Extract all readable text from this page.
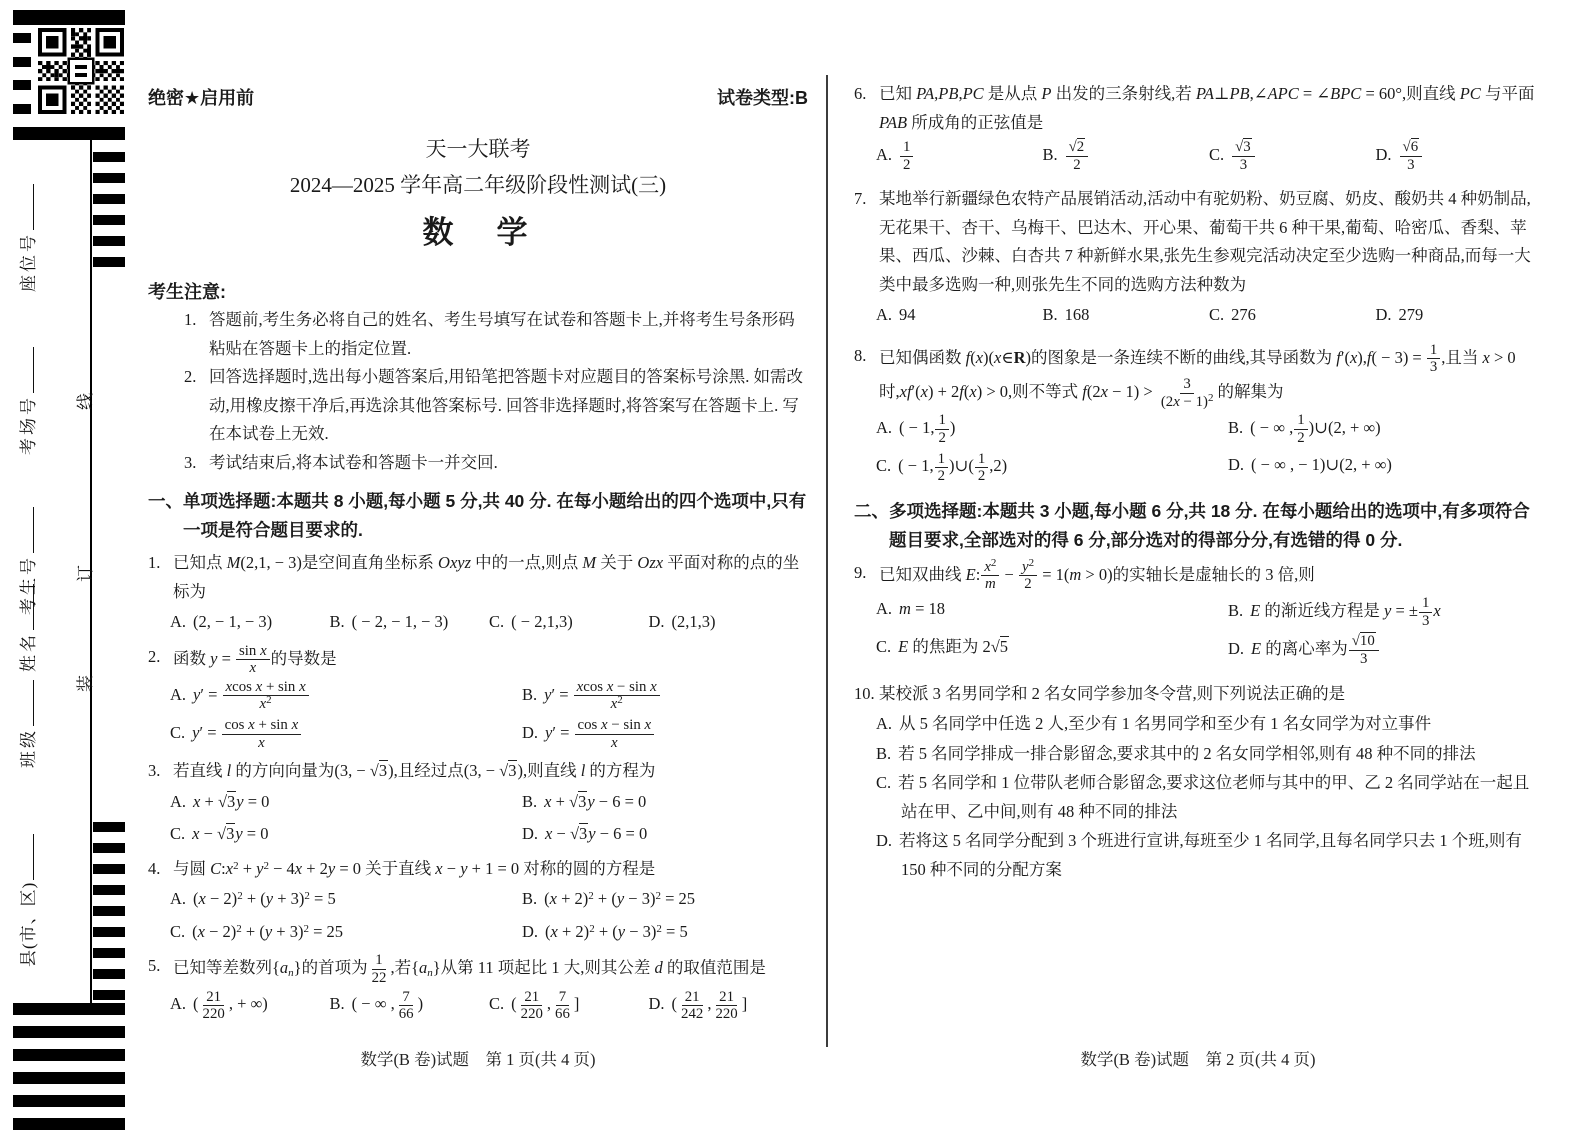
座位号
考场号
考生号
姓名
班级
县(市、区)
线
订
装
绝密★启用前	试卷类型:B
天一大联考
2024—2025 学年高二年级阶段性测试(三)
数　学
考生注意:
1. 答题前,考生务必将自己的姓名、考生号填写在试卷和答题卡上,并将考生号条形码粘贴在答题卡上的指定位置.
2. 回答选择题时,选出每小题答案后,用铅笔把答题卡对应题目的答案标号涂黑. 如需改动,用橡皮擦干净后,再选涂其他答案标号. 回答非选择题时,将答案写在答题卡上. 写在本试卷上无效.
3. 考试结束后,将本试卷和答题卡一并交回.
一、 单项选择题:本题共 8 小题,每小题 5 分,共 40 分. 在每小题给出的四个选项中,只有一项是符合题目要求的.
1. 已知点 M(2,1, − 3)是空间直角坐标系 Oxyz 中的一点,则点 M 关于 Ozx 平面对称的点的坐标为
A. (2, − 1, − 3)	B. ( − 2, − 1, − 3)	C. ( − 2,1,3)	D. (2,1,3)
2. 函数 $y = \frac{\text{sin x}}{x}$ 的导数是
A. $y' = \frac{\text{xcos x + sin x}}{x^2}$	B. $y' = \frac{\text{xcos x − sin x}}{x^2}$
C. $y' = \frac{\text{cos x + sin x}}{x}$	D. $y' = \frac{\text{cos x − sin x}}{x}$
3. 若直线 l 的方向向量为(3, − √3),且经过点(3, − √3),则直线 l 的方程为
A. x + √3y = 0	B. x + √3y − 6 = 0
C. x − √3y = 0	D. x − √3y − 6 = 0
4. 与圆 $C:x^2 + y^2 - 4x + 2y = 0$ 关于直线 x − y + 1 = 0 对称的圆的方程是
A. $(x - 2)^2 + (y + 3)^2 = 5$	B. $(x + 2)^2 + (y - 3)^2 = 25$
C. $(x - 2)^2 + (y + 3)^2 = 25$	D. $(x + 2)^2 + (y - 3)^2 = 5$
5. 已知等差数列$\{a_n\}$的首项为 $\frac{1}{22}$ ,若$\{a_n\}$从第 11 项起比 1 大,则其公差 d 的取值范围是
A. ( $\frac{21}{220}$ , + ∞)	B. ( − ∞ , $\frac{7}{66}$ )	C. ( $\frac{21}{220}$ , $\frac{7}{66}$ ]	D. ( $\frac{21}{242}$ , $\frac{21}{220}$ ]
6. 已知 PA,PB,PC 是从点 P 出发的三条射线,若 PA⊥PB,∠APC = ∠BPC = 60°,则直线 PC 与平面 PAB 所成角的正弦值是
A. $\frac{1}{2}$	B. $\frac{√2}{2}$	C. $\frac{√3}{3}$	D. $\frac{√6}{3}$
7. 某地举行新疆绿色农特产品展销活动,活动中有驼奶粉、奶豆腐、奶皮、酸奶共 4 种奶制品,无花果干、杏干、乌梅干、巴达木、开心果、葡萄干共 6 种干果,葡萄、哈密瓜、香梨、苹果、西瓜、沙棘、白杏共 7 种新鲜水果,张先生参观完活动决定至少选购一种商品,而每一大类中最多选购一种,则张先生不同的选购方法种数为
A. 94	B. 168	C. 276	D. 279
8. 已知偶函数 f(x)(x∈R)的图象是一条连续不断的曲线,其导函数为 $f'(x),f( - 3) = \frac{1}{3}$ ,且当 x > 0 时,xf′(x) + 2f(x) > 0,则不等式 $f(2x - 1) > \frac{3}{(2x - 1)^2}$ 的解集为
A. ( − 1, $\frac{1}{2}$ )	B. ( − ∞ , $\frac{1}{2}$ )∪(2, + ∞)
C. ( − 1, $\frac{1}{2}$ )∪( $\frac{1}{2} ,2$)	D. ( − ∞ , − 1)∪(2, + ∞)
二、 多项选择题:本题共 3 小题,每小题 6 分,共 18 分. 在每小题给出的选项中,有多项符合题目要求,全部选对的得 6 分,部分选对的得部分分,有选错的得 0 分.
9. 已知双曲线 E: $\frac{x^2}{m} - \frac{y^2}{2} = 1(m > 0)$的实轴长是虚轴长的 3 倍,则
A. m = 18	B. E 的渐近线方程是 y = ± $\frac{1}{3}$ x
C. E 的焦距为 2√5	D. E 的离心率为 $\frac{√10}{3}$
10. 某校派 3 名男同学和 2 名女同学参加冬令营,则下列说法正确的是
A. 从 5 名同学中任选 2 人,至少有 1 名男同学和至少有 1 名女同学为对立事件
B. 若 5 名同学排成一排合影留念,要求其中的 2 名女同学相邻,则有 48 种不同的排法
C. 若 5 名同学和 1 位带队老师合影留念,要求这位老师与其中的甲、乙 2 名同学站在一起且站在甲、乙中间,则有 48 种不同的排法
D. 若将这 5 名同学分配到 3 个班进行宣讲,每班至少 1 名同学,且每名同学只去 1 个班,则有 150 种不同的分配方案
数学(B 卷)试题　第 1 页(共 4 页)	数学(B 卷)试题　第 2 页(共 4 页)
